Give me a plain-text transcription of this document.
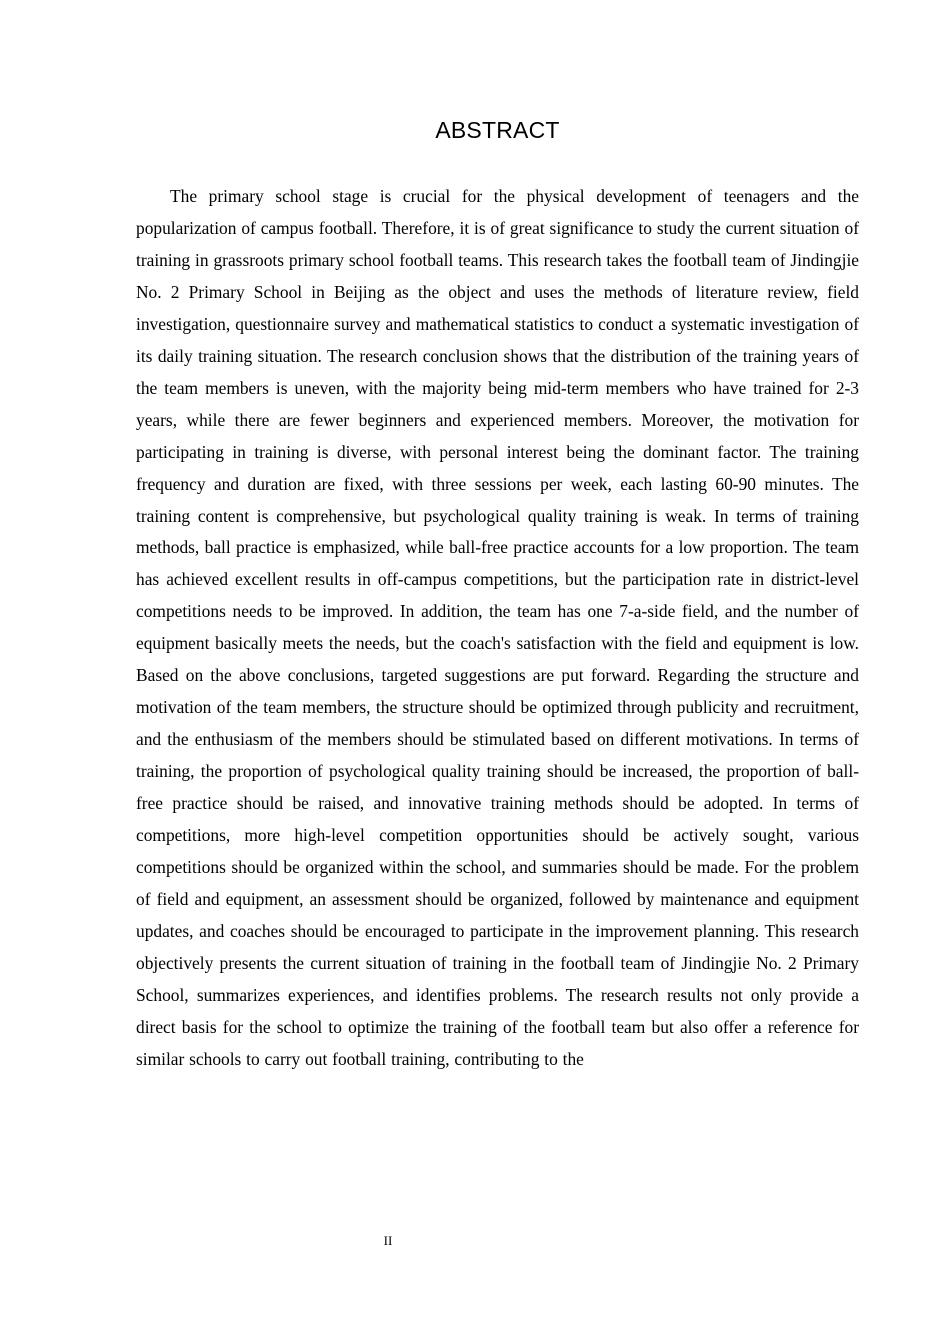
ABSTRACT

The primary school stage is crucial for the physical development of teenagers and the popularization of campus football. Therefore, it is of great significance to study the current situation of training in grassroots primary school football teams. This research takes the football team of Jindingjie No. 2 Primary School in Beijing as the object and uses the methods of literature review, field investigation, questionnaire survey and mathematical statistics to conduct a systematic investigation of its daily training situation. The research conclusion shows that the distribution of the training years of the team members is uneven, with the majority being mid-term members who have trained for 2-3 years, while there are fewer beginners and experienced members. Moreover, the motivation for participating in training is diverse, with personal interest being the dominant factor. The training frequency and duration are fixed, with three sessions per week, each lasting 60-90 minutes. The training content is comprehensive, but psychological quality training is weak. In terms of training methods, ball practice is emphasized, while ball-free practice accounts for a low proportion. The team has achieved excellent results in off-campus competitions, but the participation rate in district-level competitions needs to be improved. In addition, the team has one 7-a-side field, and the number of equipment basically meets the needs, but the coach's satisfaction with the field and equipment is low. Based on the above conclusions, targeted suggestions are put forward. Regarding the structure and motivation of the team members, the structure should be optimized through publicity and recruitment, and the enthusiasm of the members should be stimulated based on different motivations. In terms of training, the proportion of psychological quality training should be increased, the proportion of ball-free practice should be raised, and innovative training methods should be adopted. In terms of competitions, more high-level competition opportunities should be actively sought, various competitions should be organized within the school, and summaries should be made. For the problem of field and equipment, an assessment should be organized, followed by maintenance and equipment updates, and coaches should be encouraged to participate in the improvement planning. This research objectively presents the current situation of training in the football team of Jindingjie No. 2 Primary School, summarizes experiences, and identifies problems. The research results not only provide a direct basis for the school to optimize the training of the football team but also offer a reference for similar schools to carry out football training, contributing to the

II
